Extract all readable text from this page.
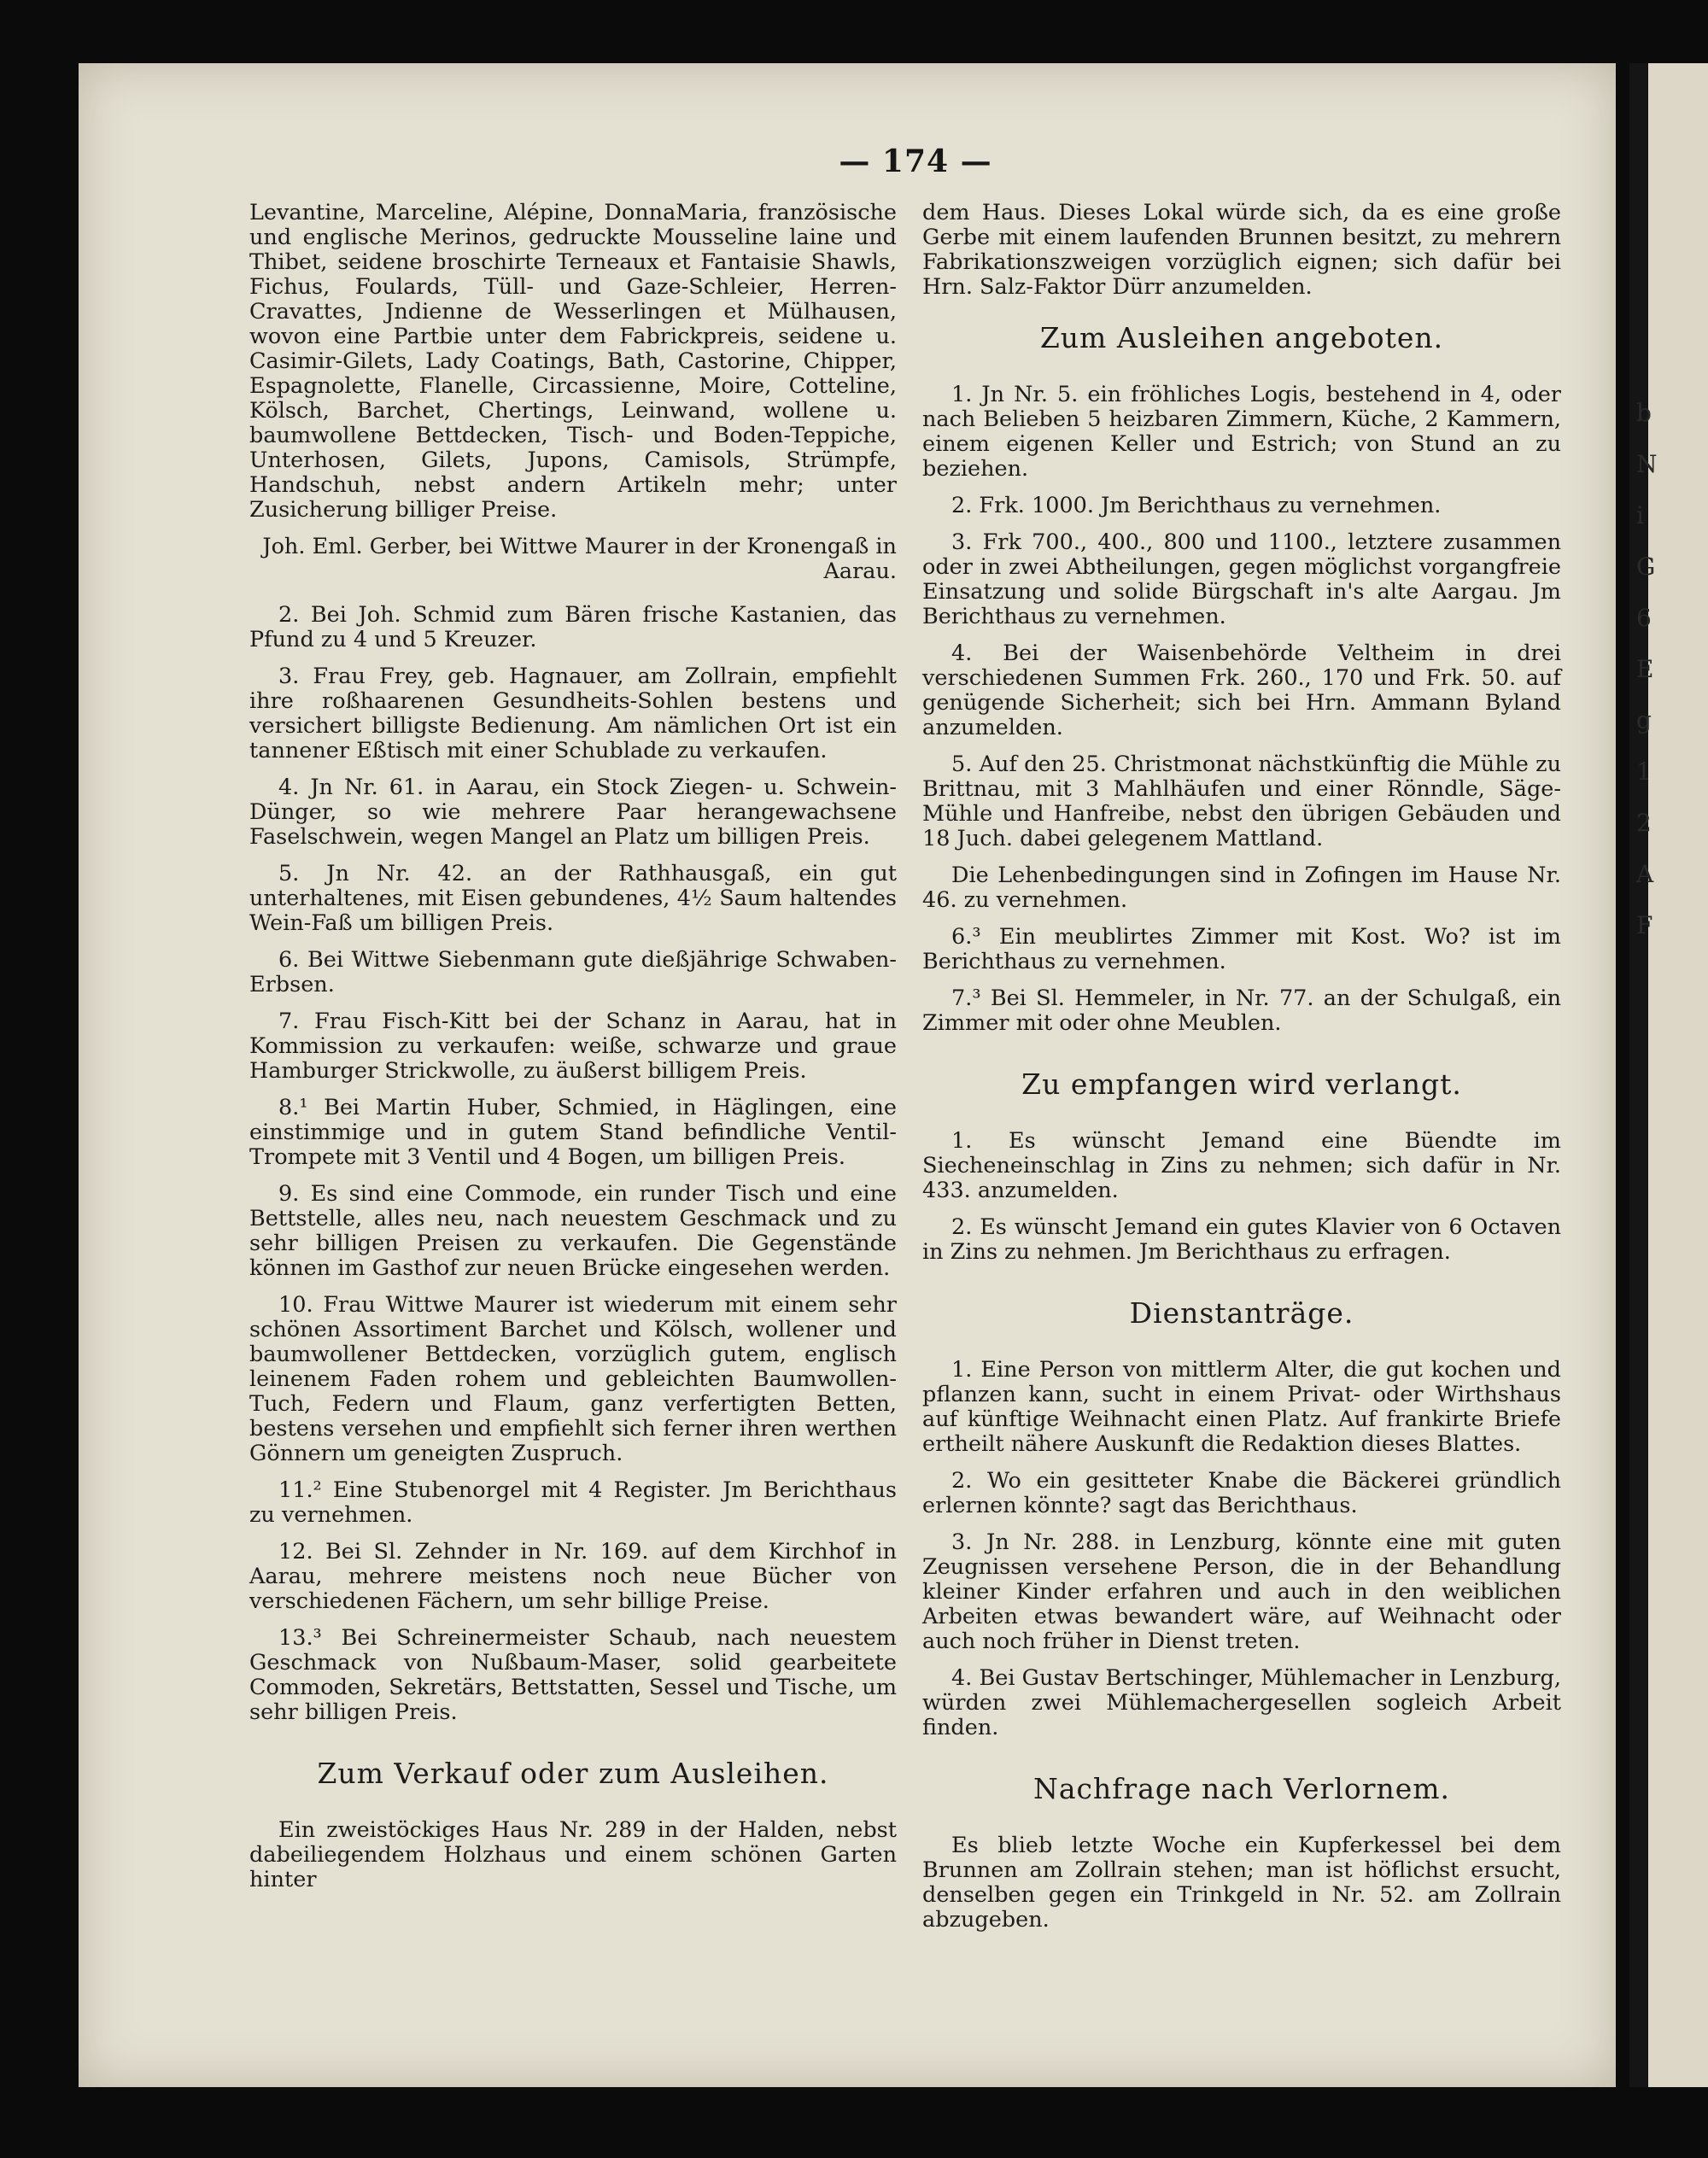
b
N
i
G
6
E
g
1
2
A
F
— 174 —

Levantine, Marceline, Alépine, DonnaMaria, französische und englische Merinos, gedruckte Mousseline laine und Thibet, seidene broschirte Terneaux et Fantaisie Shawls, Fichus, Foulards, Tüll- und Gaze-Schleier, Herren-Cravattes, Jndienne de Wesserlingen et Mülhausen, wovon eine Partbie unter dem Fabrickpreis, seidene u. Casimir-Gilets, Lady Coatings, Bath, Castorine, Chipper, Espagnolette, Flanelle, Circassienne, Moire, Cotteline, Kölsch, Barchet, Chertings, Leinwand, wollene u. baumwollene Bettdecken, Tisch- und Boden-Teppiche, Unterhosen, Gilets, Jupons, Camisols, Strümpfe, Handschuh, nebst andern Artikeln mehr; unter Zusicherung billiger Preise.

Joh. Eml. Gerber, bei Wittwe Maurer in der Kronengaß in Aarau.

2. Bei Joh. Schmid zum Bären frische Kastanien, das Pfund zu 4 und 5 Kreuzer.

3. Frau Frey, geb. Hagnauer, am Zollrain, empfiehlt ihre roßhaarenen Gesundheits-Sohlen bestens und versichert billigste Bedienung. Am nämlichen Ort ist ein tannener Eßtisch mit einer Schublade zu verkaufen.

4. Jn Nr. 61. in Aarau, ein Stock Ziegen- u. Schwein-Dünger, so wie mehrere Paar herangewachsene Faselschwein, wegen Mangel an Platz um billigen Preis.

5. Jn Nr. 42. an der Rathhausgaß, ein gut unterhaltenes, mit Eisen gebundenes, 4½ Saum haltendes Wein-Faß um billigen Preis.

6. Bei Wittwe Siebenmann gute dießjährige Schwaben-Erbsen.

7. Frau Fisch-Kitt bei der Schanz in Aarau, hat in Kommission zu verkaufen: weiße, schwarze und graue Hamburger Strickwolle, zu äußerst billigem Preis.

8.¹ Bei Martin Huber, Schmied, in Häglingen, eine einstimmige und in gutem Stand befindliche Ventil-Trompete mit 3 Ventil und 4 Bogen, um billigen Preis.

9. Es sind eine Commode, ein runder Tisch und eine Bettstelle, alles neu, nach neuestem Geschmack und zu sehr billigen Preisen zu verkaufen. Die Gegenstände können im Gasthof zur neuen Brücke eingesehen werden.

10. Frau Wittwe Maurer ist wiederum mit einem sehr schönen Assortiment Barchet und Kölsch, wollener und baumwollener Bettdecken, vorzüglich gutem, englisch leinenem Faden rohem und gebleichten Baumwollen-Tuch, Federn und Flaum, ganz verfertigten Betten, bestens versehen und empfiehlt sich ferner ihren werthen Gönnern um geneigten Zuspruch.

11.² Eine Stubenorgel mit 4 Register. Jm Berichthaus zu vernehmen.

12. Bei Sl. Zehnder in Nr. 169. auf dem Kirchhof in Aarau, mehrere meistens noch neue Bücher von verschiedenen Fächern, um sehr billige Preise.

13.³ Bei Schreinermeister Schaub, nach neuestem Geschmack von Nußbaum-Maser, solid gearbeitete Commoden, Sekretärs, Bettstatten, Sessel und Tische, um sehr billigen Preis.

Zum Verkauf oder zum Ausleihen.

Ein zweistöckiges Haus Nr. 289 in der Halden, nebst dabeiliegendem Holzhaus und einem schönen Garten hinter

dem Haus. Dieses Lokal würde sich, da es eine große Gerbe mit einem laufenden Brunnen besitzt, zu mehrern Fabrikationszweigen vorzüglich eignen; sich dafür bei Hrn. Salz-Faktor Dürr anzumelden.

Zum Ausleihen angeboten.

1. Jn Nr. 5. ein fröhliches Logis, bestehend in 4, oder nach Belieben 5 heizbaren Zimmern, Küche, 2 Kammern, einem eigenen Keller und Estrich; von Stund an zu beziehen.

2. Frk. 1000. Jm Berichthaus zu vernehmen.

3. Frk 700., 400., 800 und 1100., letztere zusammen oder in zwei Abtheilungen, gegen möglichst vorgangfreie Einsatzung und solide Bürgschaft in's alte Aargau. Jm Berichthaus zu vernehmen.

4. Bei der Waisenbehörde Veltheim in drei verschiedenen Summen Frk. 260., 170 und Frk. 50. auf genügende Sicherheit; sich bei Hrn. Ammann Byland anzumelden.

5. Auf den 25. Christmonat nächstkünftig die Mühle zu Brittnau, mit 3 Mahlhäufen und einer Rönndle, Säge-Mühle und Hanfreibe, nebst den übrigen Gebäuden und 18 Juch. dabei gelegenem Mattland.

Die Lehenbedingungen sind in Zofingen im Hause Nr. 46. zu vernehmen.

6.³ Ein meublirtes Zimmer mit Kost. Wo? ist im Berichthaus zu vernehmen.

7.³ Bei Sl. Hemmeler, in Nr. 77. an der Schulgaß, ein Zimmer mit oder ohne Meublen.

Zu empfangen wird verlangt.

1. Es wünscht Jemand eine Büendte im Siecheneinschlag in Zins zu nehmen; sich dafür in Nr. 433. anzumelden.

2. Es wünscht Jemand ein gutes Klavier von 6 Octaven in Zins zu nehmen. Jm Berichthaus zu erfragen.

Dienstanträge.

1. Eine Person von mittlerm Alter, die gut kochen und pflanzen kann, sucht in einem Privat- oder Wirthshaus auf künftige Weihnacht einen Platz. Auf frankirte Briefe ertheilt nähere Auskunft die Redaktion dieses Blattes.

2. Wo ein gesitteter Knabe die Bäckerei gründlich erlernen könnte? sagt das Berichthaus.

3. Jn Nr. 288. in Lenzburg, könnte eine mit guten Zeugnissen versehene Person, die in der Behandlung kleiner Kinder erfahren und auch in den weiblichen Arbeiten etwas bewandert wäre, auf Weihnacht oder auch noch früher in Dienst treten.

4. Bei Gustav Bertschinger, Mühlemacher in Lenzburg, würden zwei Mühlemachergesellen sogleich Arbeit finden.

Nachfrage nach Verlornem.

Es blieb letzte Woche ein Kupferkessel bei dem Brunnen am Zollrain stehen; man ist höflichst ersucht, denselben gegen ein Trinkgeld in Nr. 52. am Zollrain abzugeben.
